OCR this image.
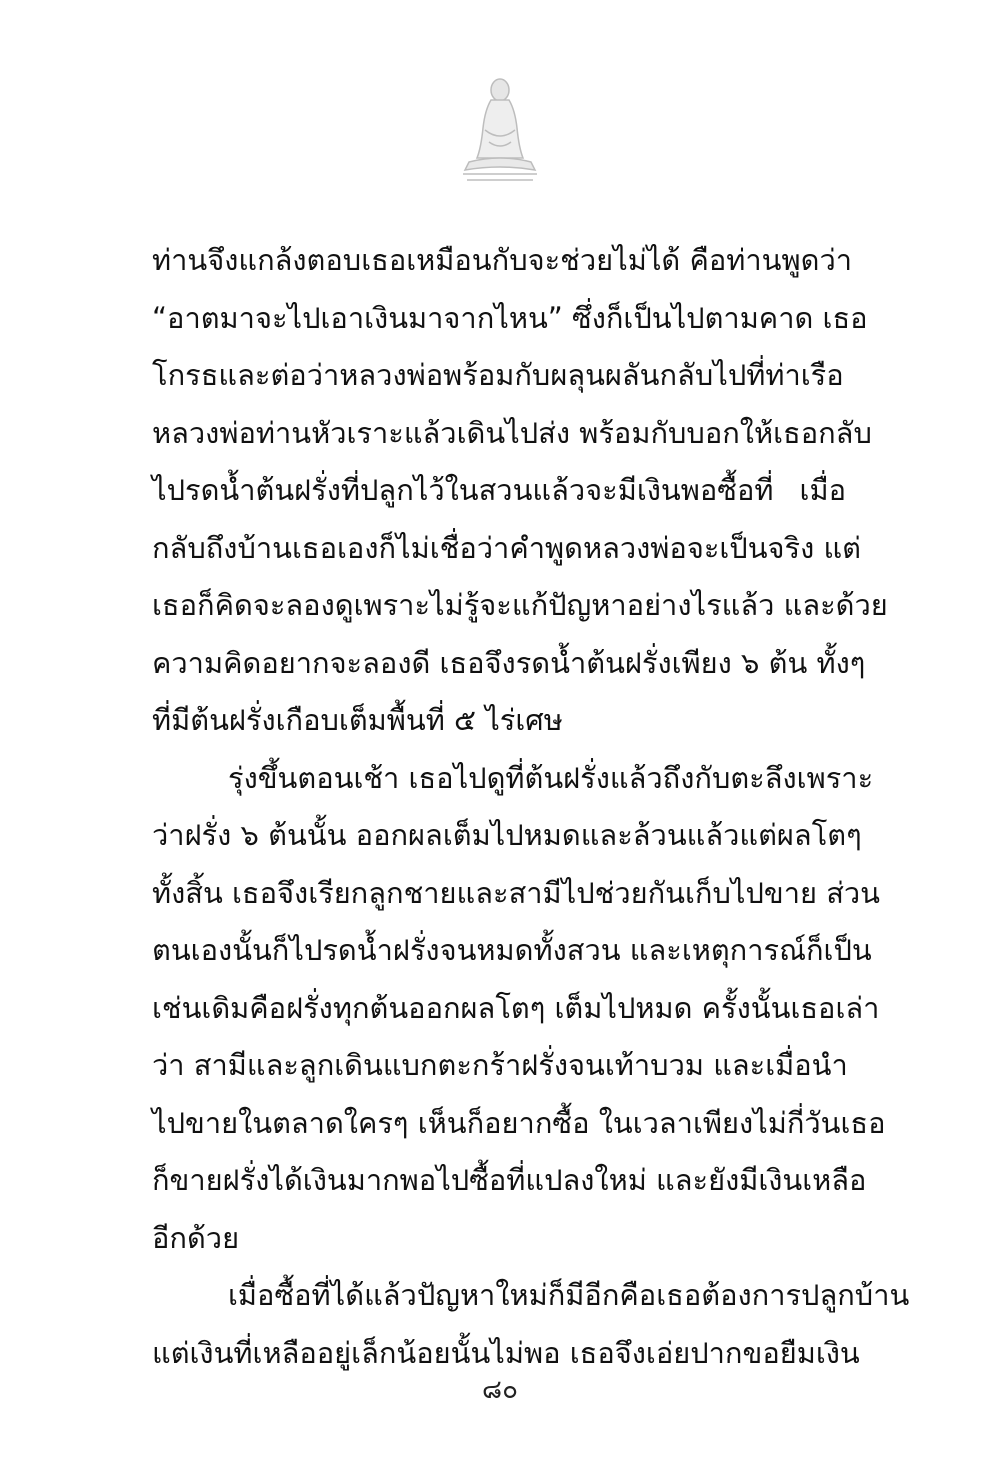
ท่านจึงแกล้งตอบเธอเหมือนกับจะช่วยไม่ได้ คือท่านพูดว่า
“อาตมาจะไปเอาเงินมาจากไหน” ซึ่งก็เป็นไปตามคาด เธอ
โกรธและต่อว่าหลวงพ่อพร้อมกับผลุนผลันกลับไปที่ท่าเรือ
หลวงพ่อท่านหัวเราะแล้วเดินไปส่ง พร้อมกับบอกให้เธอกลับ
ไปรดน้ำต้นฝรั่งที่ปลูกไว้ในสวนแล้วจะมีเงินพอซื้อที่ เมื่อ
กลับถึงบ้านเธอเองก็ไม่เชื่อว่าคำพูดหลวงพ่อจะเป็นจริง แต่
เธอก็คิดจะลองดูเพราะไม่รู้จะแก้ปัญหาอย่างไรแล้ว และด้วย
ความคิดอยากจะลองดี เธอจึงรดน้ำต้นฝรั่งเพียง ๖ ต้น ทั้งๆ
ที่มีต้นฝรั่งเกือบเต็มพื้นที่ ๕ ไร่เศษ
รุ่งขึ้นตอนเช้า เธอไปดูที่ต้นฝรั่งแล้วถึงกับตะลึงเพราะ
ว่าฝรั่ง ๖ ต้นนั้น ออกผลเต็มไปหมดและล้วนแล้วแต่ผลโตๆ
ทั้งสิ้น เธอจึงเรียกลูกชายและสามีไปช่วยกันเก็บไปขาย ส่วน
ตนเองนั้นก็ไปรดน้ำฝรั่งจนหมดทั้งสวน และเหตุการณ์ก็เป็น
เช่นเดิมคือฝรั่งทุกต้นออกผลโตๆ เต็มไปหมด ครั้งนั้นเธอเล่า
ว่า สามีและลูกเดินแบกตะกร้าฝรั่งจนเท้าบวม และเมื่อนำ
ไปขายในตลาดใครๆ เห็นก็อยากซื้อ ในเวลาเพียงไม่กี่วันเธอ
ก็ขายฝรั่งได้เงินมากพอไปซื้อที่แปลงใหม่ และยังมีเงินเหลือ
อีกด้วย
เมื่อซื้อที่ได้แล้วปัญหาใหม่ก็มีอีกคือเธอต้องการปลูกบ้าน
แต่เงินที่เหลืออยู่เล็กน้อยนั้นไม่พอ เธอจึงเอ่ยปากขอยืมเงิน
๘๐
